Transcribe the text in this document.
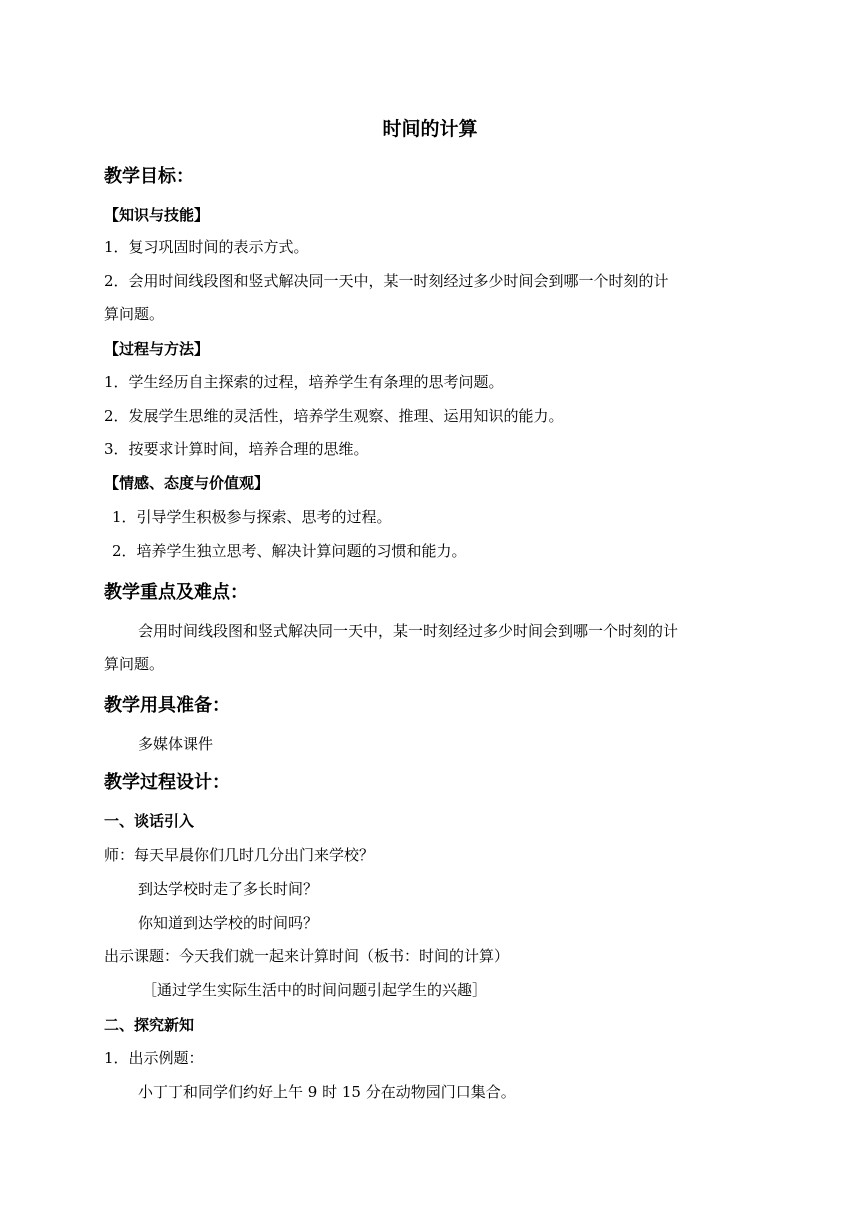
时间的计算
教学目标：
【知识与技能】
1．复习巩固时间的表示方式。
2．会用时间线段图和竖式解决同一天中，某一时刻经过多少时间会到哪一个时刻的计
算问题。
【过程与方法】
1．学生经历自主探索的过程，培养学生有条理的思考问题。
2．发展学生思维的灵活性，培养学生观察、推理、运用知识的能力。
3．按要求计算时间，培养合理的思维。
【情感、态度与价值观】
1．引导学生积极参与探索、思考的过程。
2．培养学生独立思考、解决计算问题的习惯和能力。
教学重点及难点：
会用时间线段图和竖式解决同一天中，某一时刻经过多少时间会到哪一个时刻的计
算问题。
教学用具准备：
多媒体课件
教学过程设计：
一、谈话引入
师：每天早晨你们几时几分出门来学校？
到达学校时走了多长时间？
你知道到达学校的时间吗？
出示课题：今天我们就一起来计算时间（板书：时间的计算）
［通过学生实际生活中的时间问题引起学生的兴趣］
二、探究新知
1．出示例题：
小丁丁和同学们约好上午 9 时 15 分在动物园门口集合。
